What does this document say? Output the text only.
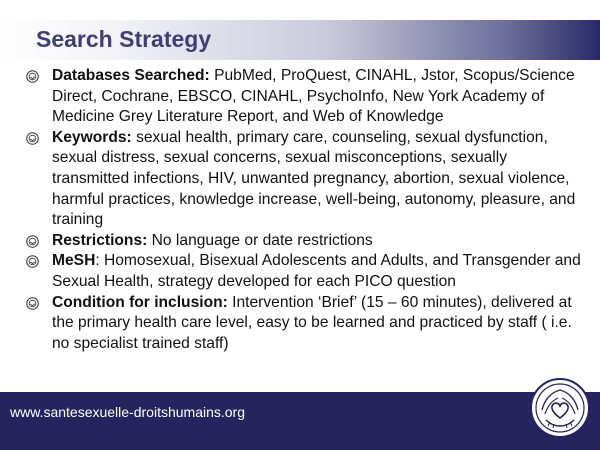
Search Strategy
Databases Searched: PubMed, ProQuest, CINAHL, Jstor, Scopus/Science Direct, Cochrane, EBSCO, CINAHL, PsychoInfo, New York Academy of Medicine Grey Literature Report, and Web of Knowledge
Keywords: sexual health, primary care, counseling, sexual dysfunction, sexual distress, sexual concerns, sexual misconceptions, sexually transmitted infections, HIV, unwanted pregnancy, abortion, sexual violence, harmful practices, knowledge increase, well-being, autonomy, pleasure, and training
Restrictions: No language or date restrictions
MeSH: Homosexual, Bisexual Adolescents and Adults, and Transgender and Sexual Health, strategy developed for each PICO question
Condition for inclusion: Intervention ‘Brief’ (15 – 60 minutes), delivered at the primary health care level, easy to be learned and practiced by staff ( i.e. no specialist trained staff)
www.santesexuelle-droitshumains.org
